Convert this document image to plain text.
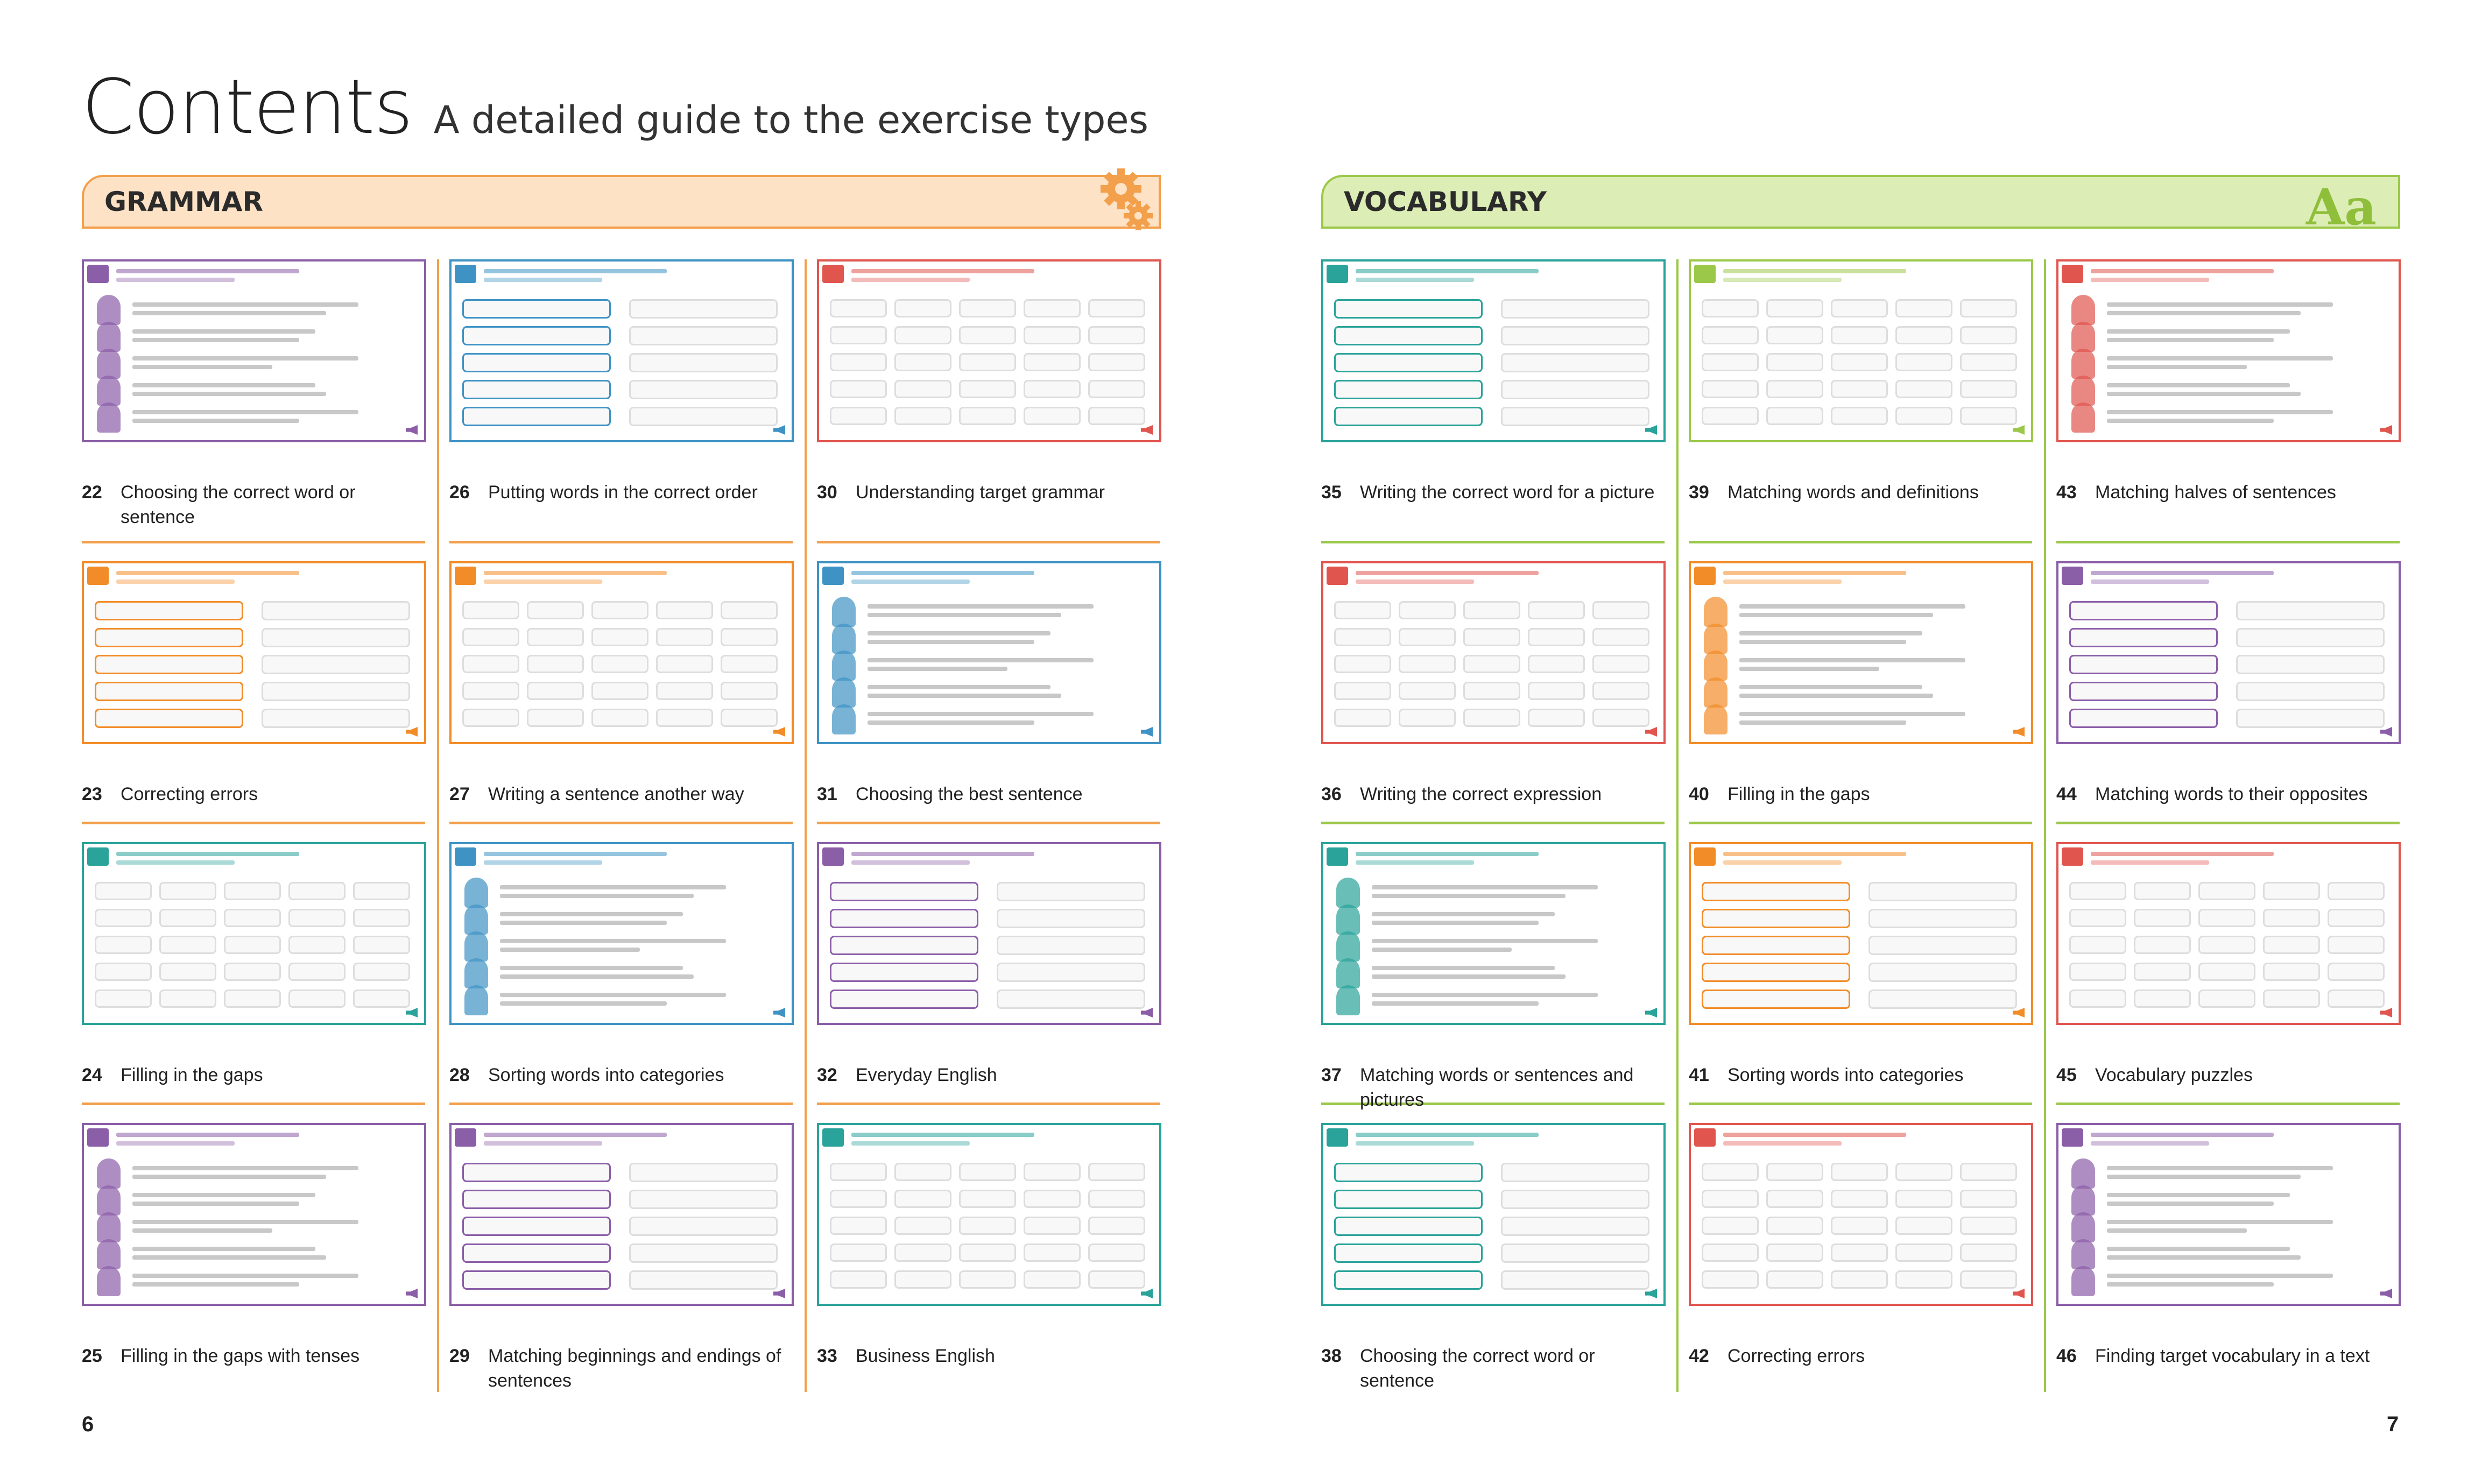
Contents A detailed guide to the exercise types
GRAMMAR	VOCABULARY	Aa
22	Choosing the correct word or sentence
23	Correcting errors
24	Filling in the gaps
25	Filling in the gaps with tenses
26	Putting words in the correct order
27	Writing a sentence another way
28	Sorting words into categories
29	Matching beginnings and endings of sentences
30	Understanding target grammar
31	Choosing the best sentence
32	Everyday English
33	Business English
35	Writing the correct word for a picture
36	Writing the correct expression
37	Matching words or sentences and pictures
38	Choosing the correct word or sentence
39	Matching words and definitions
40	Filling in the gaps
41	Sorting words into categories
42	Correcting errors
43	Matching halves of sentences
44	Matching words to their opposites
45	Vocabulary puzzles
46	Finding target vocabulary in a text
6	7
